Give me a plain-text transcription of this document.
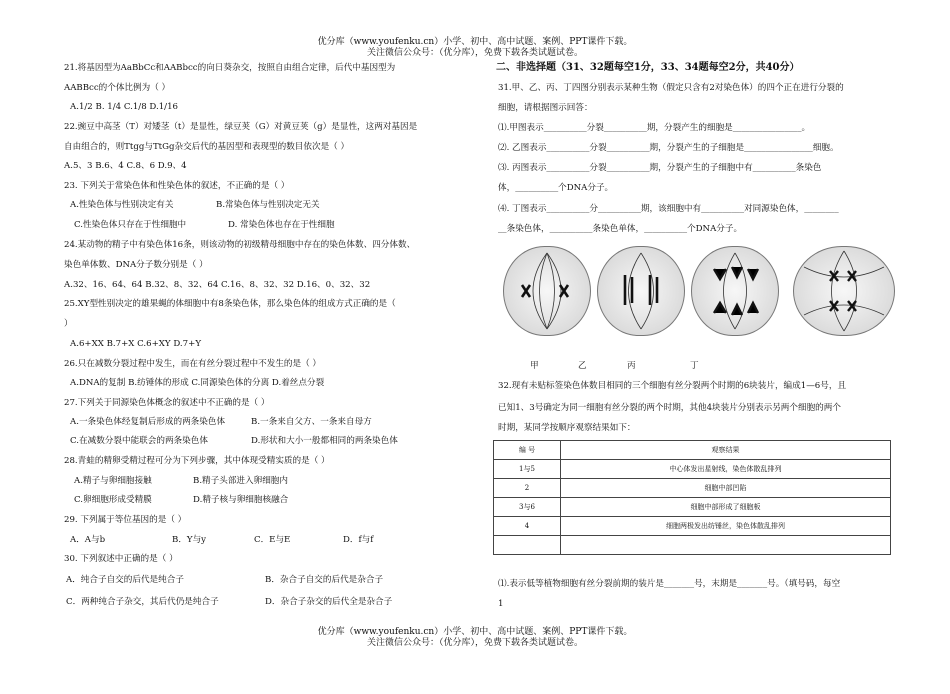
优分库（www.youfenku.cn）小学、初中、高中试题、案例、PPT课件下载。
关注微信公众号：（优分库），免费下载各类试题试卷。
21.将基因型为AaBbCc和AABbcc的向日葵杂交，按照自由组合定律，后代中基因型为
AABBcc的个体比例为（ ）
A.1/2 B. 1/4 C.1/8 D.1/16
22.豌豆中高茎（T）对矮茎（t）是显性，绿豆荚（G）对黄豆荚（g）是显性，这两对基因是
自由组合的，则Ttgg与TtGg杂交后代的基因型和表现型的数目依次是（ ）
A.5、3 B.6、4 C.8、6 D.9、4
23. 下列关于常染色体和性染色体的叙述，不正确的是（ ）
A.性染色体与性别决定有关	B.常染色体与性别决定无关
C.性染色体只存在于性细胞中	D. 常染色体也存在于性细胞
24.某动物的精子中有染色体16条，则该动物的初级精母细胞中存在的染色体数、四分体数、
染色单体数、DNA分子数分别是（ ）
A.32、16、64、64 B.32、8、32、64 C.16、8、32、32 D.16、0、32、32
25.XY型性别决定的雄果蝇的体细胞中有8条染色体，那么染色体的组成方式正确的是（
）
A.6+XX B.7+X C.6+XY D.7+Y
26.只在减数分裂过程中发生，而在有丝分裂过程中不发生的是（ ）
A.DNA的复制 B.纺锤体的形成 C.同源染色体的分离 D.着丝点分裂
27.下列关于同源染色体概念的叙述中不正确的是（ ）
A.一条染色体经复制后形成的两条染色体	B.一条来自父方、一条来自母方
C.在减数分裂中能联会的两条染色体	D.形状和大小一般都相同的两条染色体
28.青蛙的精卵受精过程可分为下列步骤，其中体现受精实质的是（ ）
A.精子与卵细胞接触	B.精子头部进入卵细胞内
C.卵细胞形成受精膜	D.精子核与卵细胞核融合
29. 下列属于等位基因的是（ ）
A．A与b	B．Y与y	C．E与E	D．f与f
30. 下列叙述中正确的是（ ）
A．纯合子自交的后代是纯合子	B．杂合子自交的后代是杂合子
C．两种纯合子杂交，其后代仍是纯合子	D．杂合子杂交的后代全是杂合子
二、非选择题（31、32题每空1分，33、34题每空2分，共40分）
31.甲、乙、丙、丁四图分别表示某种生物（假定只含有2对染色体）的四个正在进行分裂的
细胞，请根据图示回答：
⑴.甲图表示__________分裂__________期，分裂产生的细胞是________________。
⑵. 乙图表示__________分裂__________期，分裂产生的子细胞是________________细胞。
⑶. 丙图表示__________分裂__________期，分裂产生的子细胞中有__________条染色
体，__________个DNA分子。
⑷. 丁图表示__________分__________期，该细胞中有__________对同源染色体，________
__条染色体，__________条染色单体，__________个DNA分子。
甲	乙	丙	丁
32.现有未贴标签染色体数目相同的三个细胞有丝分裂两个时期的6块装片，编成1—6号，且
已知1、3号确定为同一细胞有丝分裂的两个时期，其他4块装片分别表示另两个细胞的两个
时期，某同学按顺序观察结果如下：
编 号	观察结果
1与5	中心体发出星射线，染色体散乱排列
2	细胞中部凹陷
3与6	细胞中部形成了细胞板
4	细胞两极发出纺锤丝，染色体散乱排列

⑴.表示低等植物细胞有丝分裂前期的装片是_______号，末期是_______号。（填号码，每空
1
优分库（www.youfenku.cn）小学、初中、高中试题、案例、PPT课件下载。
关注微信公众号：（优分库），免费下载各类试题试卷。
